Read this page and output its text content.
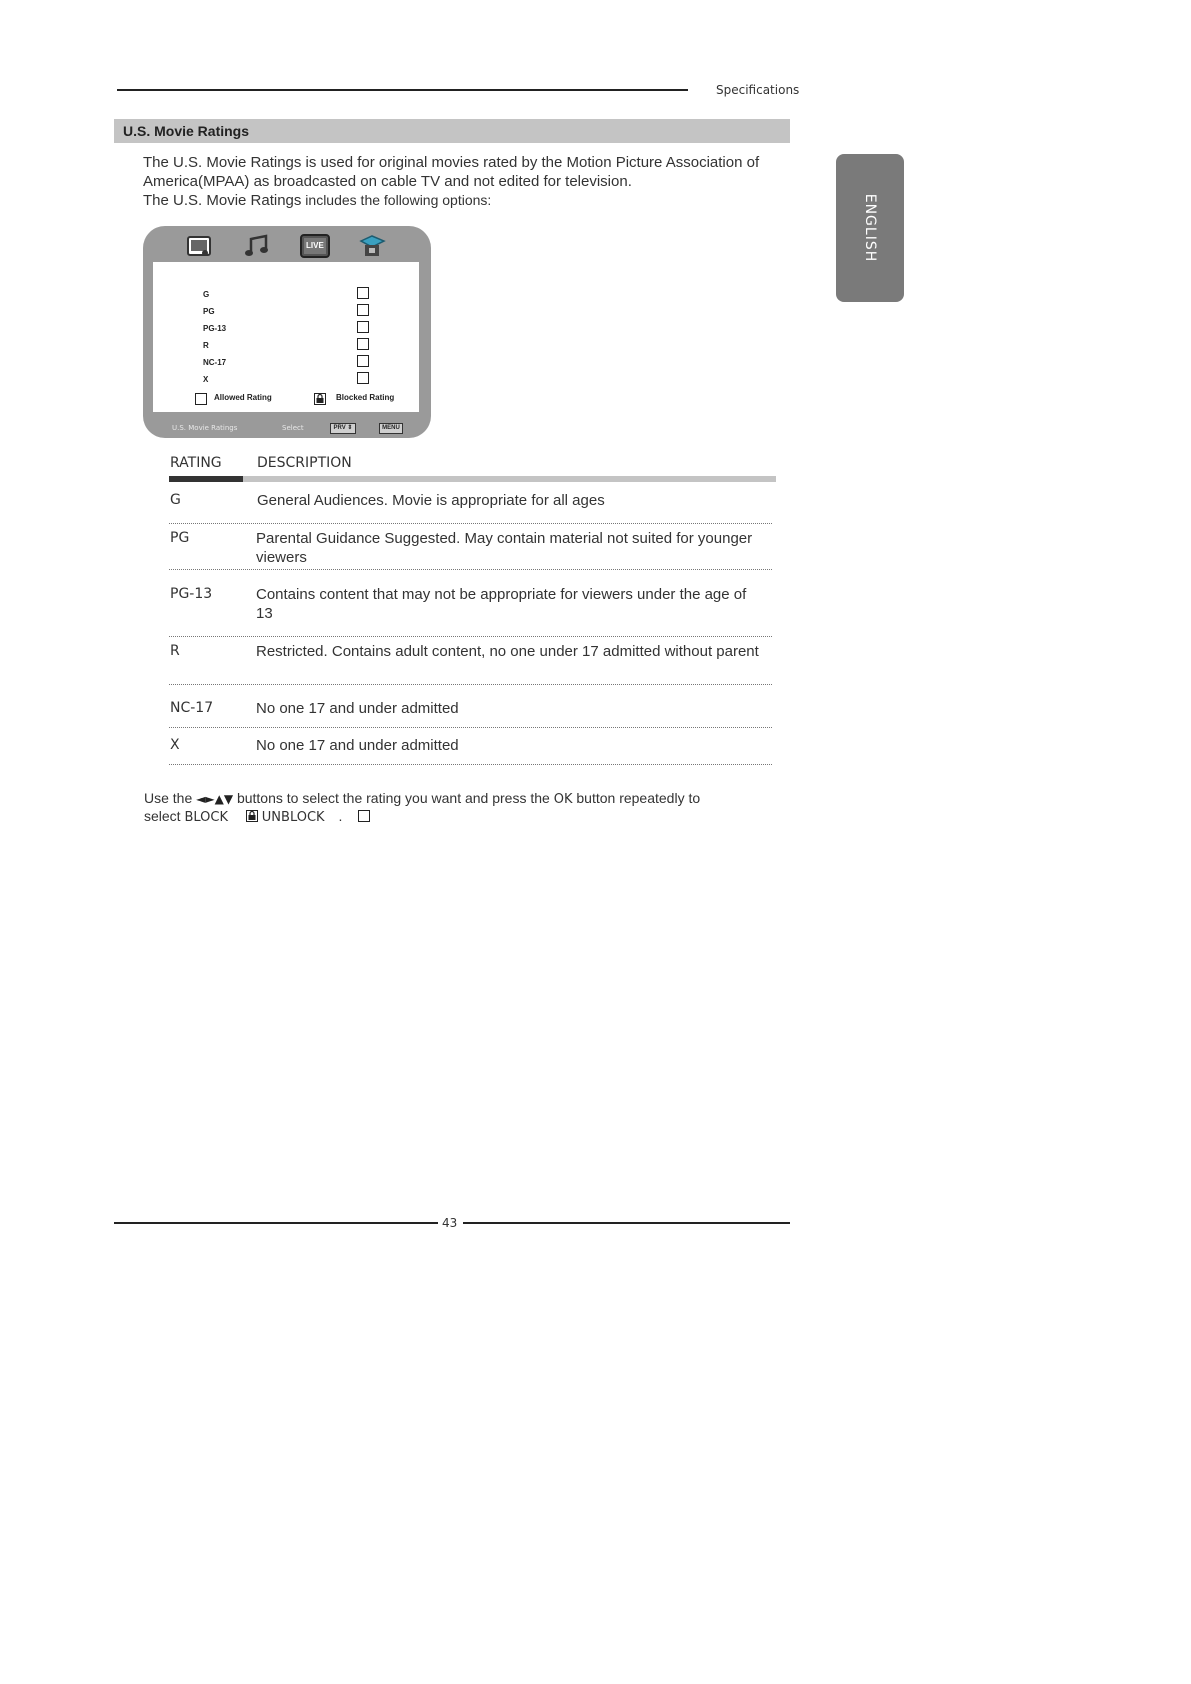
Specifications
U.S. Movie Ratings
The U.S. Movie Ratings is used for original movies rated by the Motion Picture Association of
America(MPAA) as broadcasted on cable TV and not edited for television.
The U.S. Movie Ratings includes the following options:	ENGLISH
LIVE
G
PG
PG-13
R
NC-17
X
Allowed Rating	Blocked Rating
U.S. Movie Ratings	Select	PRV ⇕	MENU
RATING	DESCRIPTION
G	General Audiences. Movie is appropriate for all ages
PG	Parental Guidance Suggested. May contain material not suited for younger viewers
PG-13	Contains content that may not be appropriate for viewers under the age of 13
R	Restricted. Contains adult content, no one under 17 admitted without parent
NC-17	No one 17 and under admitted
X	No one 17 and under admitted
Use the ◄►▲▼ buttons to select the rating you want and press the OK button repeatedly to
select BLOCK	UNBLOCK .
43
